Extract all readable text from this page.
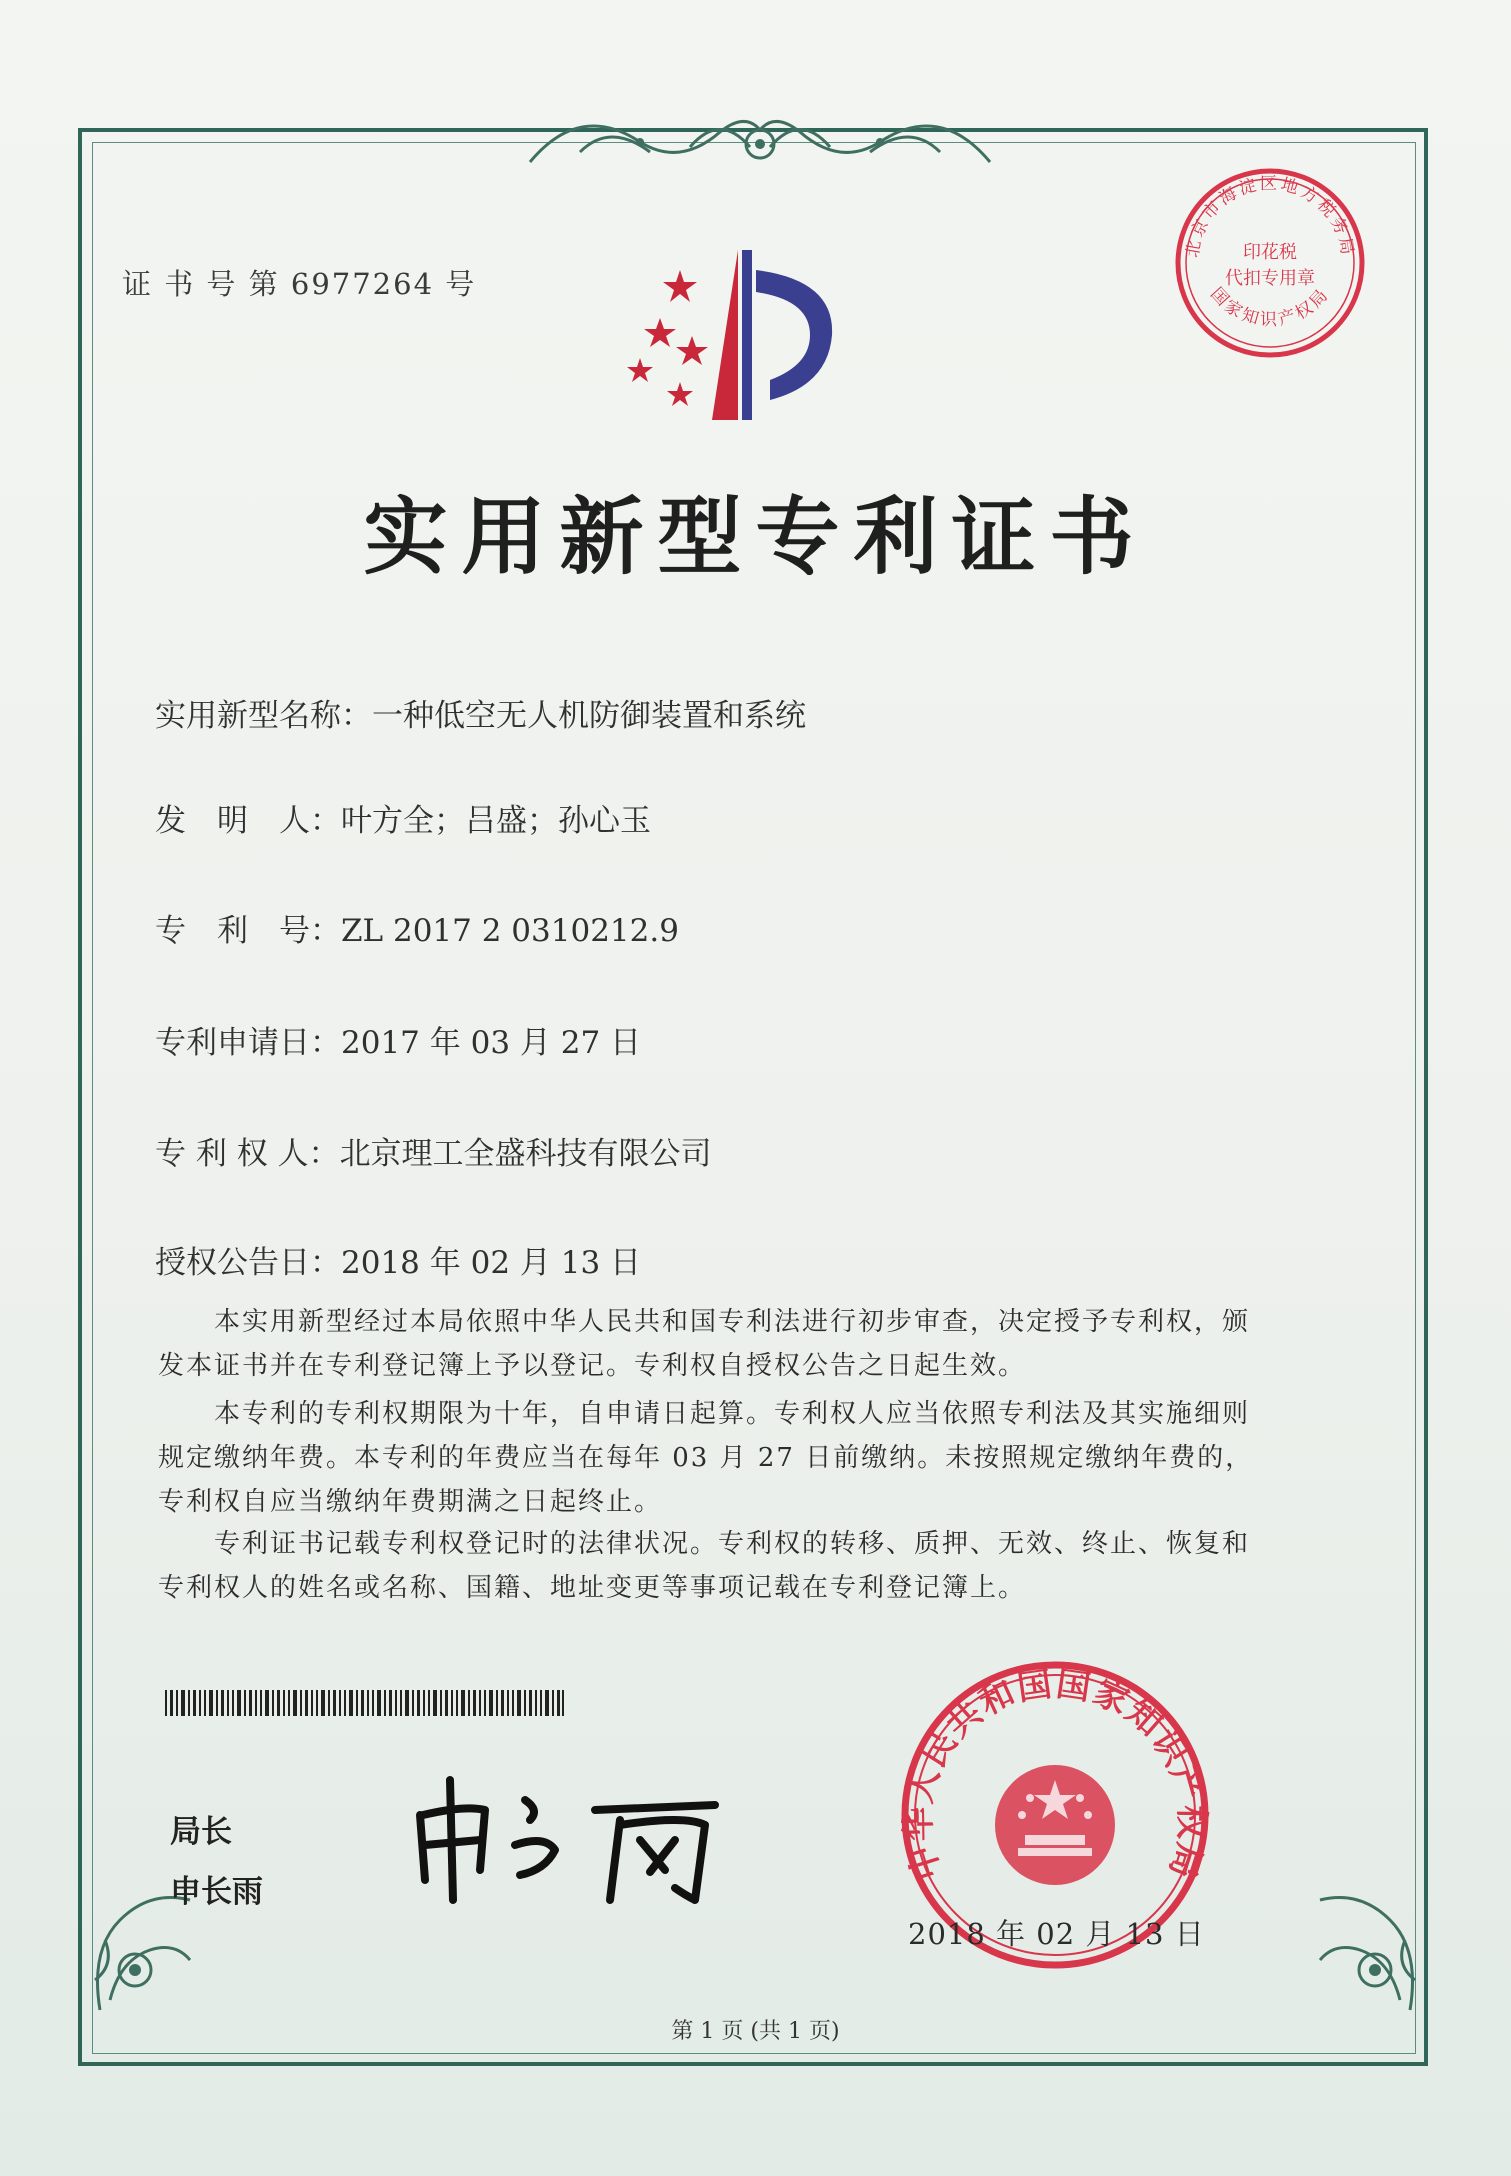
证 书 号 第 6977264 号
北京市海淀区地方税务局
国家知识产权局
印花税
代扣专用章
实用新型专利证书
实用新型名称：一种低空无人机防御装置和系统
发　明　人：叶方全；吕盛；孙心玉
专　利　号：ZL 2017 2 0310212.9
专利申请日：2017 年 03 月 27 日
专 利 权 人：北京理工全盛科技有限公司
授权公告日：2018 年 02 月 13 日
本实用新型经过本局依照中华人民共和国专利法进行初步审查，决定授予专利权，颁发本证书并在专利登记簿上予以登记。专利权自授权公告之日起生效。
本专利的专利权期限为十年，自申请日起算。专利权人应当依照专利法及其实施细则规定缴纳年费。本专利的年费应当在每年 03 月 27 日前缴纳。未按照规定缴纳年费的，专利权自应当缴纳年费期满之日起终止。
专利证书记载专利权登记时的法律状况。专利权的转移、质押、无效、终止、恢复和专利权人的姓名或名称、国籍、地址变更等事项记载在专利登记簿上。
局长
申长雨
中华人民共和国国家知识产权局
2018 年 02 月 13 日
第 1 页 (共 1 页)
